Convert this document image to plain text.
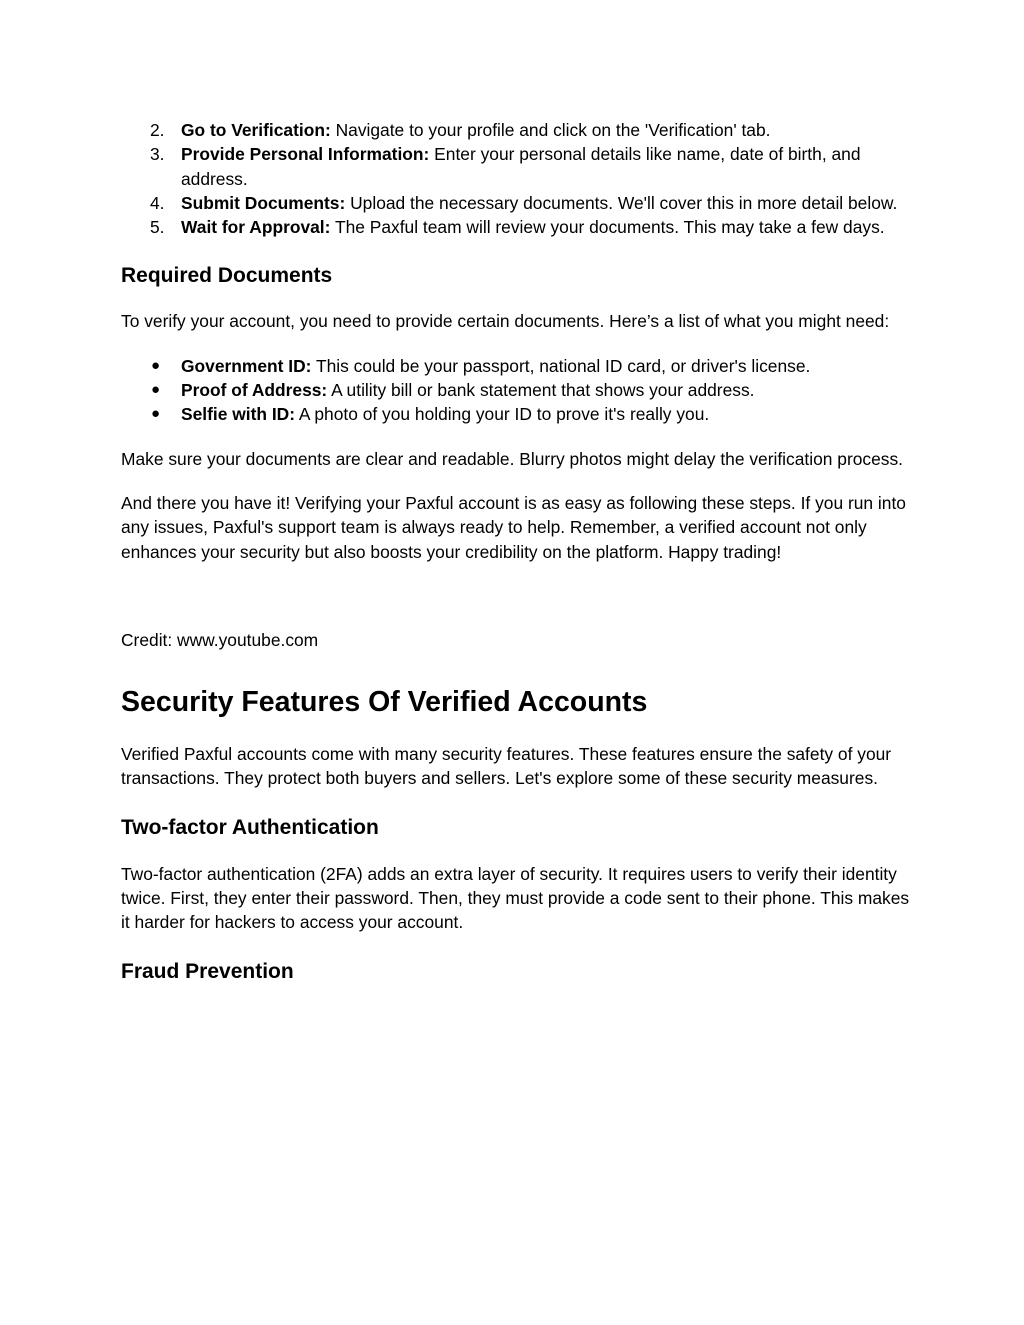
2. Go to Verification: Navigate to your profile and click on the 'Verification' tab.
3. Provide Personal Information: Enter your personal details like name, date of birth, and address.
4. Submit Documents: Upload the necessary documents. We'll cover this in more detail below.
5. Wait for Approval: The Paxful team will review your documents. This may take a few days.
Required Documents

To verify your account, you need to provide certain documents. Here’s a list of what you might need:

● Government ID: This could be your passport, national ID card, or driver's license.
● Proof of Address: A utility bill or bank statement that shows your address.
● Selfie with ID: A photo of you holding your ID to prove it's really you.

Make sure your documents are clear and readable. Blurry photos might delay the verification process.

And there you have it! Verifying your Paxful account is as easy as following these steps. If you run into any issues, Paxful's support team is always ready to help. Remember, a verified account not only enhances your security but also boosts your credibility on the platform. Happy trading!

Credit: www.youtube.com

Security Features Of Verified Accounts

Verified Paxful accounts come with many security features. These features ensure the safety of your transactions. They protect both buyers and sellers. Let's explore some of these security measures.

Two-factor Authentication

Two-factor authentication (2FA) adds an extra layer of security. It requires users to verify their identity twice. First, they enter their password. Then, they must provide a code sent to their phone. This makes it harder for hackers to access your account.

Fraud Prevention
